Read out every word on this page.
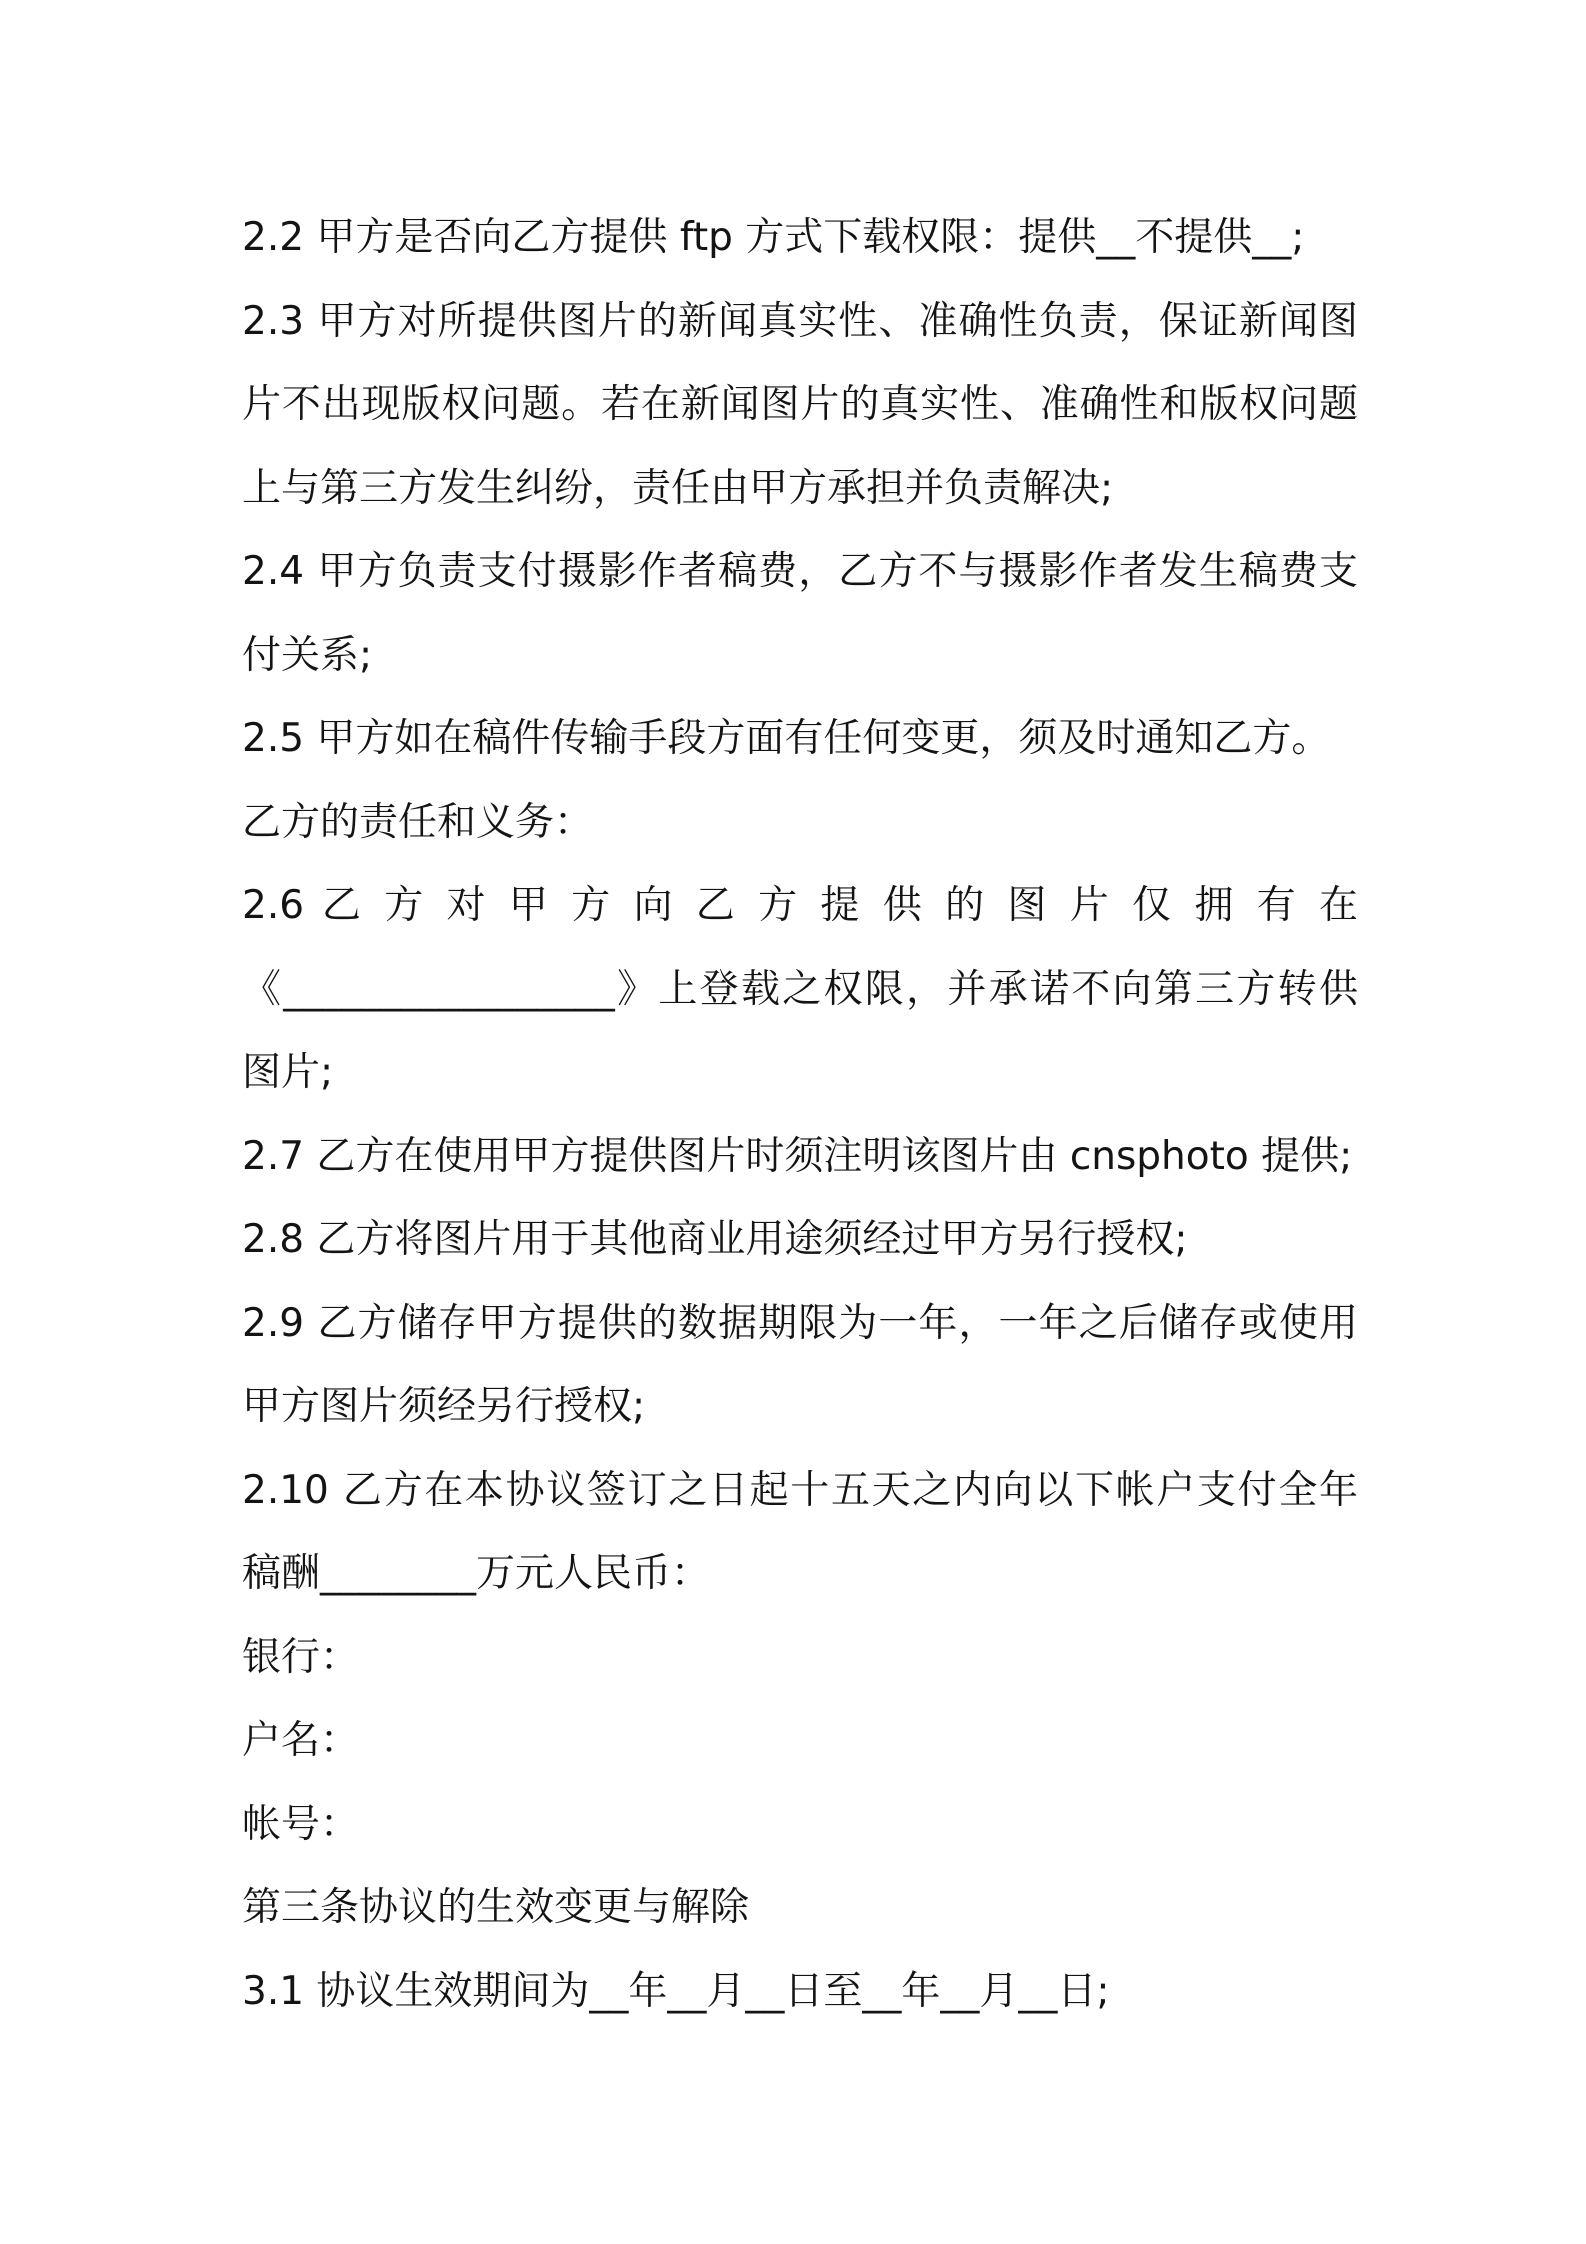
2.2 甲方是否向乙方提供 ftp 方式下载权限：提供__不提供__;
2.3 甲方对所提供图片的新闻真实性、准确性负责，保证新闻图
片不出现版权问题。若在新闻图片的真实性、准确性和版权问题
上与第三方发生纠纷，责任由甲方承担并负责解决;
2.4 甲方负责支付摄影作者稿费，乙方不与摄影作者发生稿费支
付关系;
2.5 甲方如在稿件传输手段方面有任何变更，须及时通知乙方。
乙方的责任和义务：
2.6 乙 方 对 甲 方 向 乙 方 提 供 的 图 片 仅 拥 有 在
《_________________》上登载之权限，并承诺不向第三方转供
图片;
2.7 乙方在使用甲方提供图片时须注明该图片由 cnsphoto 提供;
2.8 乙方将图片用于其他商业用途须经过甲方另行授权;
2.9 乙方储存甲方提供的数据期限为一年，一年之后储存或使用
甲方图片须经另行授权;
2.10 乙方在本协议签订之日起十五天之内向以下帐户支付全年
稿酬________万元人民币：
银行：
户名：
帐号：
第三条协议的生效变更与解除
3.1 协议生效期间为__年__月__日至__年__月__日;
